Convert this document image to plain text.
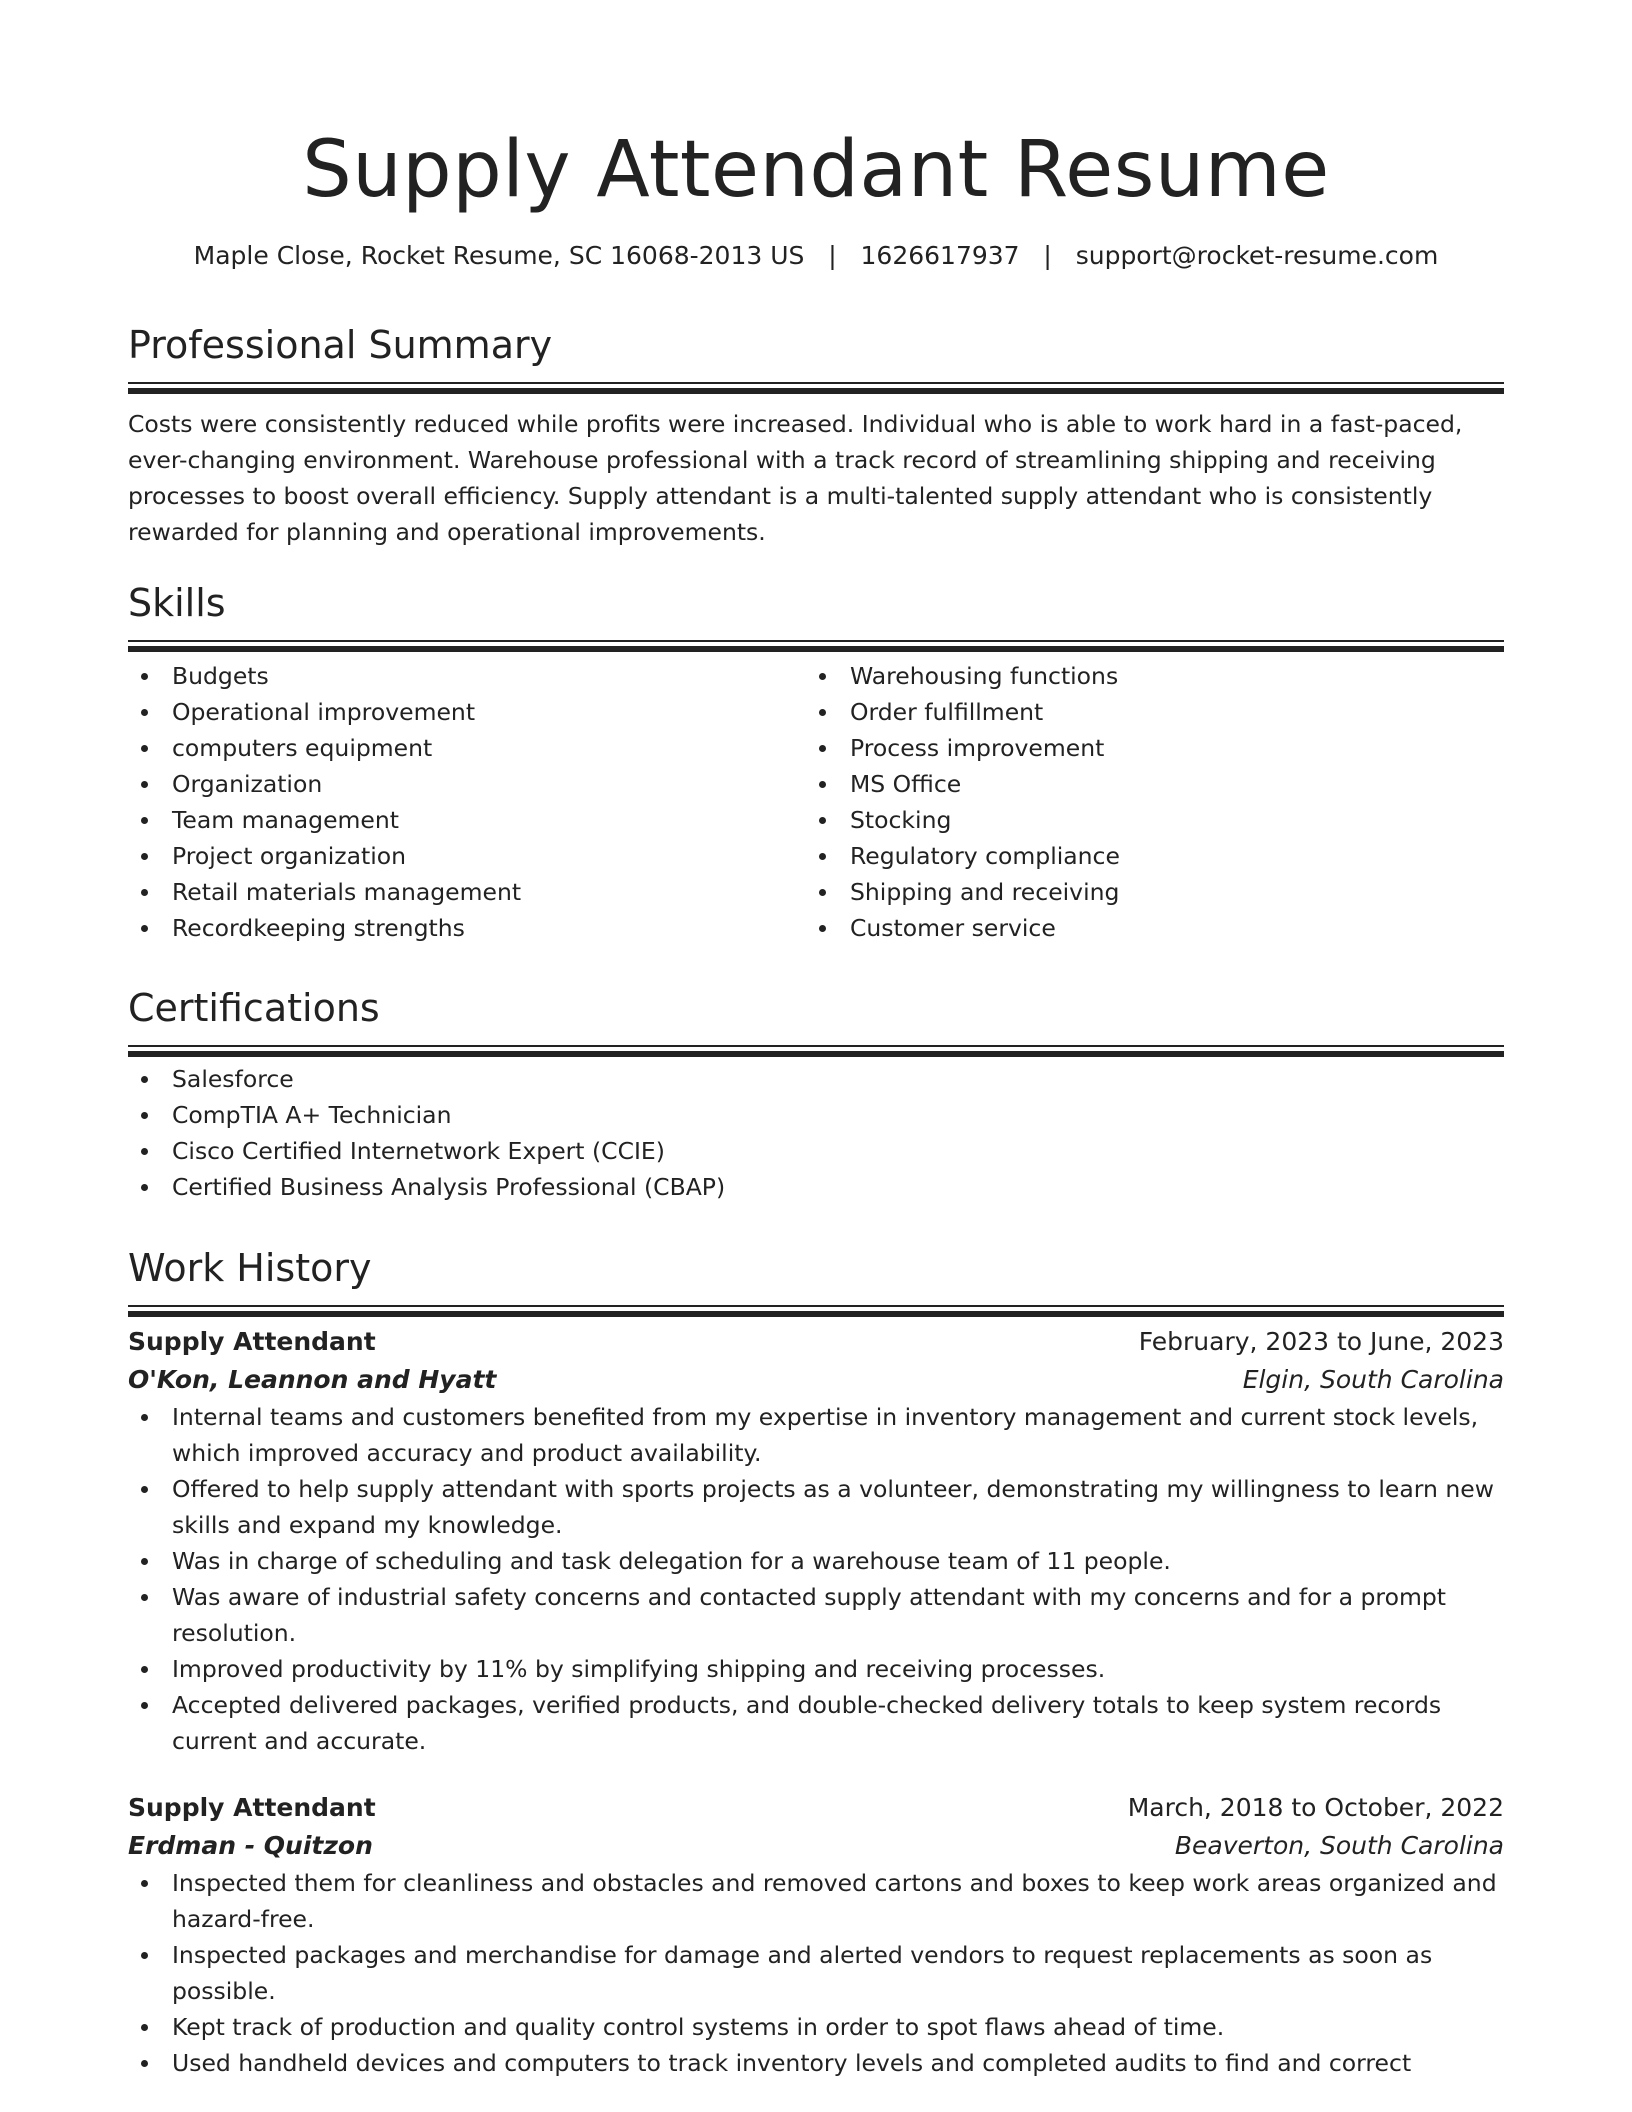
Supply Attendant Resume
Maple Close, Rocket Resume, SC 16068-2013 US | 1626617937 | support@rocket-resume.com
Professional Summary
Costs were consistently reduced while profits were increased. Individual who is able to work hard in a fast-paced, ever-changing environment. Warehouse professional with a track record of streamlining shipping and receiving processes to boost overall efficiency. Supply attendant is a multi-talented supply attendant who is consistently rewarded for planning and operational improvements.
Skills
Budgets
Operational improvement
computers equipment
Organization
Team management
Project organization
Retail materials management
Recordkeeping strengths
Warehousing functions
Order fulfillment
Process improvement
MS Office
Stocking
Regulatory compliance
Shipping and receiving
Customer service
Certifications
Salesforce
CompTIA A+ Technician
Cisco Certified Internetwork Expert (CCIE)
Certified Business Analysis Professional (CBAP)
Work History
Supply Attendant	February, 2023 to June, 2023
O'Kon, Leannon and Hyatt	Elgin, South Carolina
Internal teams and customers benefited from my expertise in inventory management and current stock levels, which improved accuracy and product availability.
Offered to help supply attendant with sports projects as a volunteer, demonstrating my willingness to learn new skills and expand my knowledge.
Was in charge of scheduling and task delegation for a warehouse team of 11 people.
Was aware of industrial safety concerns and contacted supply attendant with my concerns and for a prompt resolution.
Improved productivity by 11% by simplifying shipping and receiving processes.
Accepted delivered packages, verified products, and double-checked delivery totals to keep system records current and accurate.
Supply Attendant	March, 2018 to October, 2022
Erdman - Quitzon	Beaverton, South Carolina
Inspected them for cleanliness and obstacles and removed cartons and boxes to keep work areas organized and hazard-free.
Inspected packages and merchandise for damage and alerted vendors to request replacements as soon as possible.
Kept track of production and quality control systems in order to spot flaws ahead of time.
Used handheld devices and computers to track inventory levels and completed audits to find and correct
